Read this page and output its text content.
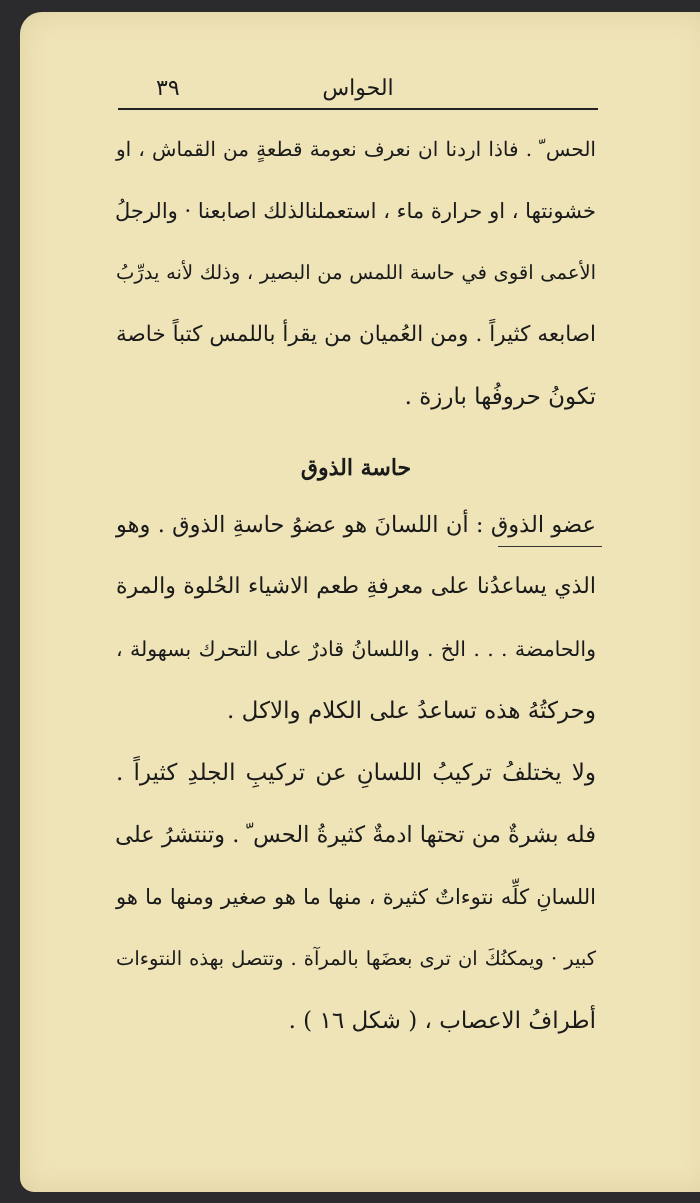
الحواس
٣٩
الحس ّ . فاذا اردنا ان نعرف نعومة قطعةٍ من القماش ، او
خشونتها ، او حرارة ماء ، استعملنالذلك اصابعنا · والرجلُ
الأعمى اقوى في حاسة اللمس من البصير ، وذلك لأنه يدرِّبُ
اصابعه كثيراً . ومن العُميان من يقرأ باللمس كتباً خاصة
تكونُ حروفُها بارزة .
حاسة الذوق
عضو الذوق : أن اللسانَ هو عضوُ حاسةِ الذوق . وهو
الذي يساعدُنا على معرفةِ طعم الاشياء الحُلوة والمرة
والحامضة . . . الخ . واللسانُ قادرٌ على التحرك بسهولة ،
وحركتُهُ هذه تساعدُ على الكلام والاكل .
ولا يختلفُ تركيبُ اللسانِ عن تركيبِ الجلدِ كثيراً .
فله بشرةٌ من تحتها ادمةٌ كثيرةُ الحس ّ . وتنتشرُ على
اللسانِ كلِّه نتوءاتٌ كثيرة ، منها ما هو صغير ومنها ما هو
كبير · ويمكنُكَ ان ترى بعضَها بالمرآة . وتتصل بهذه النتوءات
أطرافُ الاعصاب ، ( شكل ١٦ ) .
